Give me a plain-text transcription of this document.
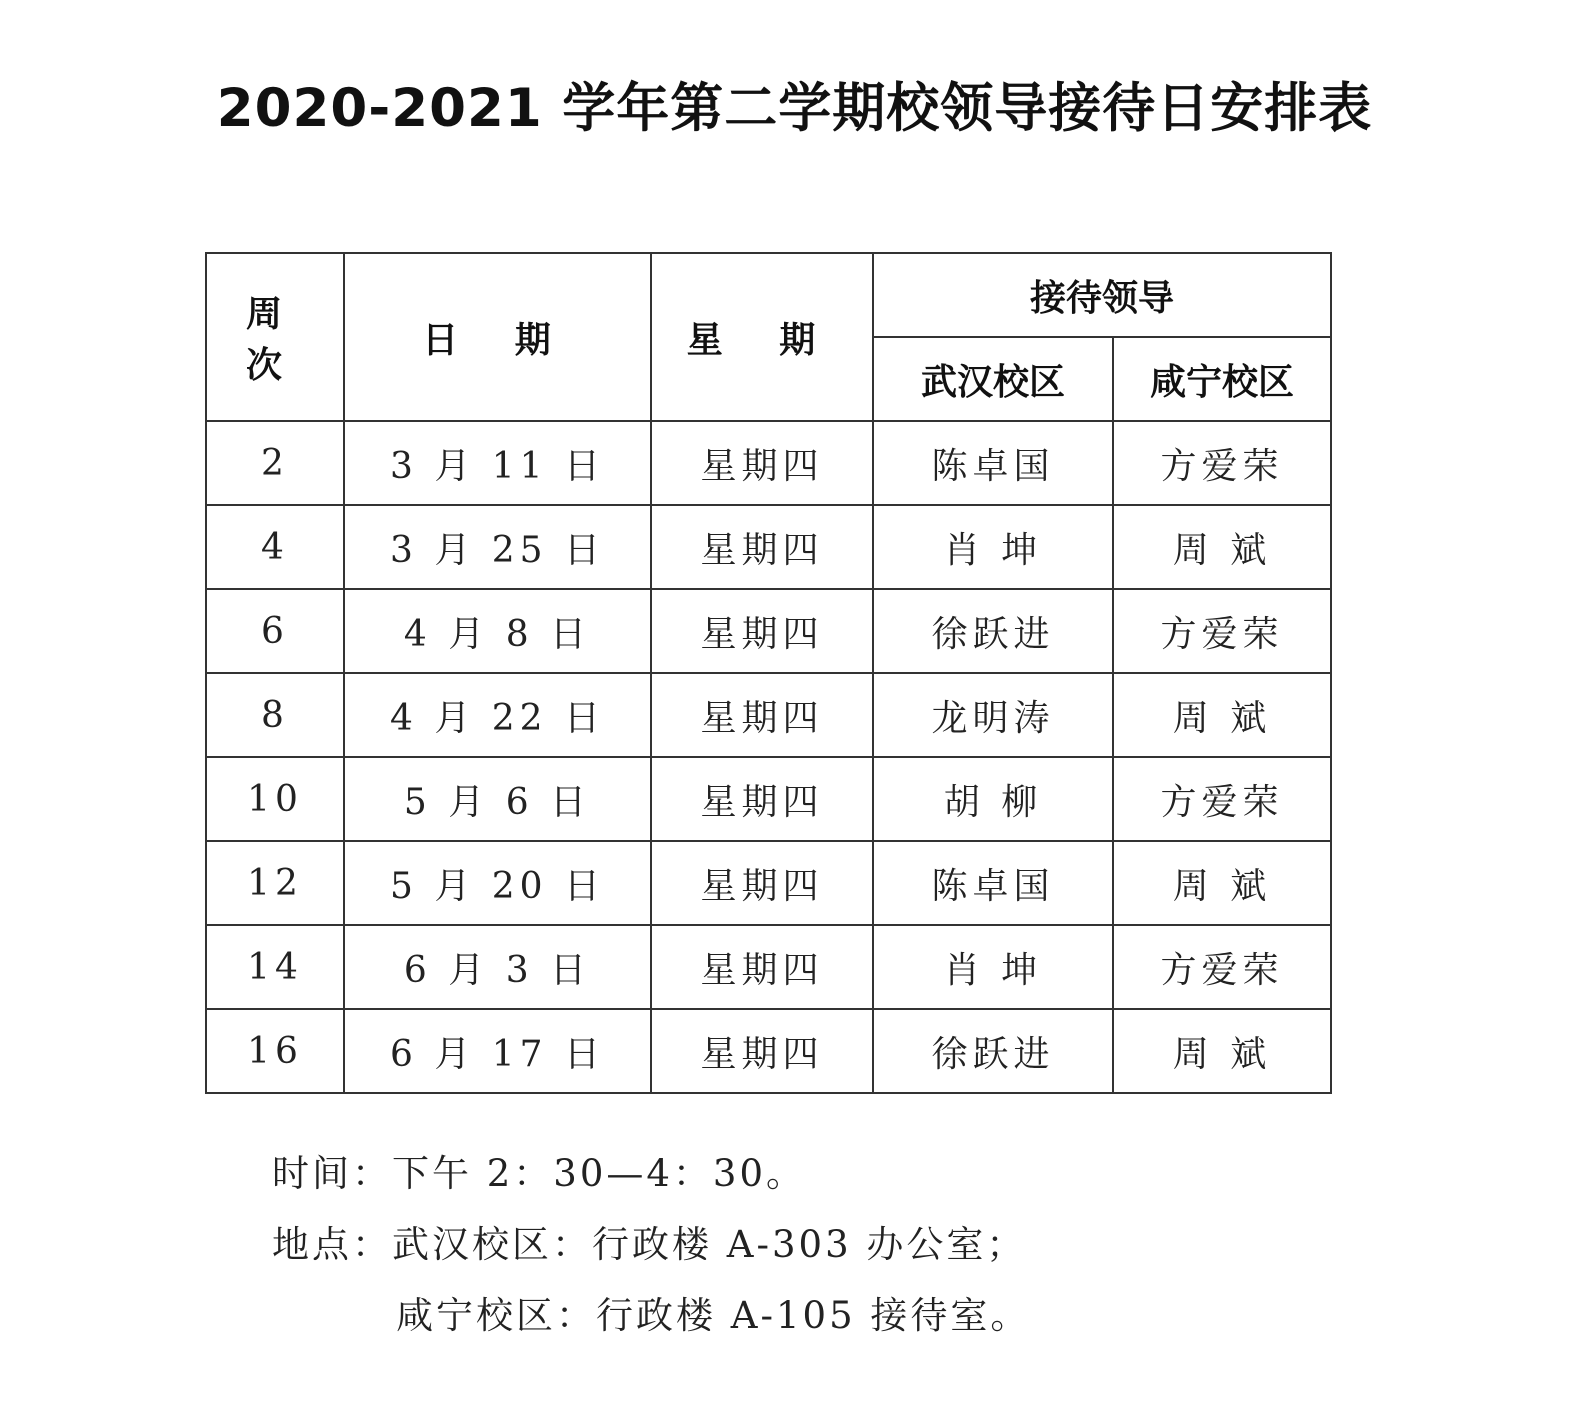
2020-2021 学年第二学期校领导接待日安排表
周 次	日 期	星 期	接待领导	
			武汉校区	咸宁校区
2	3 月 11 日	星期四	陈卓国	方爱荣
4	3 月 25 日	星期四	肖 坤	周 斌
6	4 月 8 日	星期四	徐跃进	方爱荣
8	4 月 22 日	星期四	龙明涛	周 斌
10	5 月 6 日	星期四	胡 柳	方爱荣
12	5 月 20 日	星期四	陈卓国	周 斌
14	6 月 3 日	星期四	肖 坤	方爱荣
16	6 月 17 日	星期四	徐跃进	周 斌
时间：下午 2：30—4：30。
地点：武汉校区：行政楼 A-303 办公室；
咸宁校区：行政楼 A-105 接待室。
